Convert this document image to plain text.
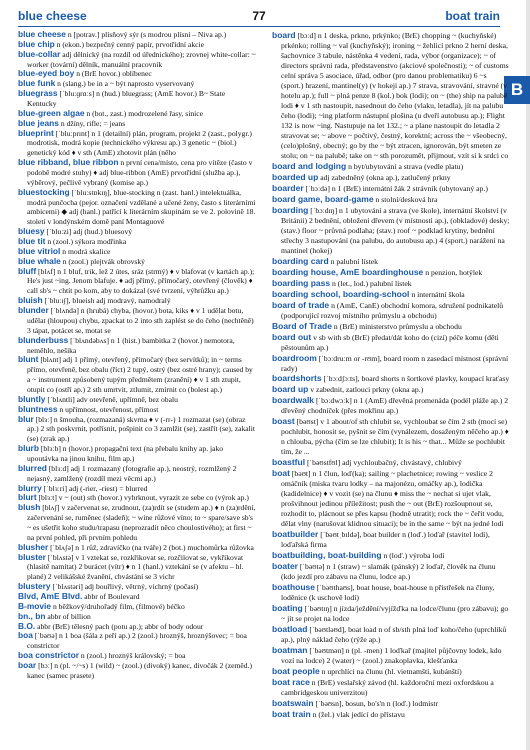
blue cheese	77	boat train
B

blue cheese n [potrav.] plísňový sýr (s modrou plísní – Niva ap.)

blue chip n (ekon.) bezpečný cenný papír, prvotřídní akcie

blue-collar adj dělnický (na rozdíl od úřednického); zrovnej white-collar: ~ worker (tovární) dělník, manuální pracovník

blue-eyed boy n (BrE hovor.) oblíbenec

blue funk n (slang.) be in a ~ být naprosto vyservovaný

bluegrass [ˈbluːɡrɑːs] n (hud.) bluegrass; (AmE hovor.) B~ State Kentucky

blue-green algae n (bot., zast.) modrozelené řasy, sinice

blue jeans n džíny, rifle; = jeans

blueprint [ˈbluːprɪnt] n 1 (detailní) plán, program, projekt 2 (zast., polygr.) modrotisk, modrá kopie (technického výkresu ap.) 3 genetic ~ (biol.) genetický kód ♦ v sth (AmE) zhotovit plán (něho

blue ribband, blue ribbon n první cena/místo, cena pro vítěze (často v podobě modré stuhy) ♦ adj blue-ribbon (AmE) prvotřídní (služba ap.), výběrový, pečlivě vybraný (komise ap.)

bluestocking [ˈbluːstɒkɪŋ], blue-stocking n (zast. hanl.) intelektuálka, modrá punčocha (pejor. označení vzdělané a učené ženy, často s literárními ambicemi) ◆ adj (hanl.) patřící k literárním skupinám se ve 2. polovině 18. století v londýnském domě paní Montaguové

bluesy [ˈbluːzi] adj (hud.) bluesový

blue tit n (zool.) sýkora modřinka

blue vitriol n modrá skalice

blue whale n (zool.) plejtvák obrovský

bluff [blʌf] n 1 bluf, trik, lež 2 útes, sráz (strmý) ♦ v blafovat (v kartách ap.); He's just ~ing. Jenom blafuje. ♦ adj přímý, přímočarý, otevřený (člověk) ♦ call sb's ~ chtít po kom, aby to dokázal (své tvrzení, výhrůžku ap.)

bluish [ˈbluːɪʃ], blueish adj modravý, namodralý

blunder [ˈblʌndə] n (hrubá) chyba, (hovor.) bota, kiks ♦ v 1 udělat botu, udělat (hloupou) chybu, zpackat to 2 into sth zaplést se do čeho (nechtěně) 3 tápat, potácet se, motat se

blunderbuss [ˈblʌndəbʌs] n 1 (hist.) bambitka 2 (hovor.) nemotora, neměhlo, nešika

blunt [blʌnt] adj 1 přímý, otevřený, přímočarý (bez servítků); in ~ terms přímo, otevřeně, bez obalu (říct) 2 tupý, ostrý (bez ostré hrany); caused by a ~ instrument způsobený tupým předmětem (zranění) ♦ v 1 sth ztupit, otupit co (ostří ap.) 2 sth umrtvit, ztlumit, zmírnit co (bolest ap.)

bluntly [ˈblʌntli] adv otevřeně, upřímně, bez obalu

bluntness n upřímnost, otevřenost, přímost

blur [blɜː] n šmouha, (rozmazaná) skvrna ♦ v (-rr-) 1 rozmazat (se) (obraz ap.) 2 sth poskvrnit, potřísnit, pošpinit co 3 zamlžit (se), zastřít (se), zakalit (se) (zrak ap.)

blurb [blɜːb] n (hovor.) propagační text (na přebalu knihy ap. jako upoutávka na jinou knihu, film ap.)

blurred [blɜːd] adj 1 rozmazaný (fotografie ap.), neostrý, rozmlžený 2 nejasný, zamlžený (rozdíl mezi věcmi ap.)

blurry [ˈblɜːri] adj (-rier, -riest) = blurred

blurt [blɜːt] v ~ (out) sth (hovor.) vyhrknout, vyrazit ze sebe co (výrok ap.)

blush [blʌʃ] v začervenat se, zrudnout, (za)rdít se (studem ap.) ♦ n (za)rdění, začervenání se, ruměnec (sladeň); ~ wine růžové víno; to ~ spare/save sb's ~ es ušetřit koho studu/trapasu (neprozradit něco choulostivého); at first ~ na první pohled, při prvním pohledu

blusher [ˈblʌʃə] n 1 růž, zdravíčko (na tváře) 2 (bot.) muchomůrka růžovka

bluster [ˈblʌstə] v 1 vztekat se, rozkřikovat se, rozčilovat se, vykřikovat (hlasitě namítat) 2 burácet (vítr) ♦ n 1 (hanl.) vztekání se (v afektu – hl. plané) 2 velikášské žvanění, chvástání se 3 vichr

blustery [ˈblʌstəri] adj bouřlivý, větrný, vichrný (počasí)

Blvd, AmE Blvd. abbr of Boulevard

B-movie n běžkový/druhořadý film, (filmové) béčko

bn., bn abbr of billion

B.O. abbr (BrE) tělesný pach (potu ap.); abbr of body odour

boa [ˈbəʊə] n 1 boa (šála z peří ap.) 2 (zool.) hroznýš, hroznýšovec; = boa constrictor

boa constrictor n (zool.) hroznýš královský; = boa

boar [bɔː] n (pl. ~/~s) 1 (wild) ~ (zool.) (divoký) kanec, divočák 2 (zeměd.) kanec (samec prasete)

board [bɔːd] n 1 deska, prkno, prkýnko; (BrE) chopping ~ (kuchyňské) prkénko; rolling ~ val (kuchyňský); ironing ~ žehlicí prkno 2 herní deska, šachovnice 3 tabule, nástěnka 4 vedení, rada, výbor (organizace); ~ of directors správní rada, představenstvo (akciové společnosti); ~ of customs celní správa 5 asociace, úřad, odbor (pro danou problematiku) 6 ~s (sport.) hrazení, mantinel(y) (v hokeji ap.) 7 strava, stravování, stravné (v hotelu ap.); full ~ plná penze 8 (kol.) bok (lodi); on ~ (the) ship na palubě lodi ♦ v 1 sth nastoupit, nasednout do čeho (vlaku, letadla), jít na palubu čeho (lodi); ~ing platform nástupní plošina (u dveří autobusu ap.); Flight 132 is now ~ing. Nastupuje na let 132.; ~ a plane nastoupit do letadla 2 stravovat se; ~ above ~ počtivý, čestný, korektní; across the ~ všeobecný, (celo)plošný, obecný; go by the ~ být ztracen, ignorován, být smeten ze stolu; on ~ na palubě; take on ~ sth porozumět, přijmout, vzít si k srdci co

board and lodging n byt/ubytování a strava (vedle platu)

boarded up adj zabedněný (okna ap.), zatlučený prkny

boarder [ˈbɔːdə] n 1 (BrE) internátní žák 2 strávník (ubytovaný ap.)

board game, board-game n stolní/desková hra

boarding [ˈbɔːdɪŋ] n 1 ubytování a strava (ve škole), internátní školství (v Británii) 2 bednění, obložení dřevem (v místnosti ap.), (obkladové) desky; (stav.) floor ~ průvná podlaha; (stav.) roof ~ podklad krytiny, bednění střechy 3 nastupování (na palubu, do autobusu ap.) 4 (sport.) narážení na mantinel (hokej)

boarding card n palubní lístek

boarding house, AmE boardinghouse n penzion, hotýlek

boarding pass n (let., lod.) palubní lístek

boarding school, boarding-school n internátní škola

board of trade n (AmE, CanE) obchodní komora, sdružení podnikatelů (podporující rozvoj místního průmyslu a obchodu)

Board of Trade n (BrE) ministerstvo průmyslu a obchodu

board out v sb with sb (BrE) předat/dát koho do (cizí) péče komu (děti pěstounům ap.)

boardroom [ˈbɔːdruːm or -rʊm], board room n zasedací místnost (správní rady)

boardshorts [ˈbɔːdʃɔːts], board shorts n šortkové plavky, koupací kraťasy

board up v zabednit, zatlouci prkny (okna ap.)

boardwalk [ˈbɔːdwɔːk] n 1 (AmE) dřevěná promenáda (podél pláže ap.) 2 dřevěný chodníček (přes mokřinu ap.)

boast [bəʊst] v 1 about/of sth chlubit se, vychloubat se čím 2 sth (mocí se) pochlubit, honosit se, pyšnit se čím (vynálezem, dosaženým něčeho ap.) ♦ n chlouba, pýcha (čím se lze chlubit); It is his ~ that... Může se pochlubit tím, že ...

boastful [ˈbəʊstfʊl] adj vychloubačný, chvástavý, chlubivý

boat [bəʊt] n 1 člun, loď(ka); sailing ~ plachetnice; rowing ~ veslice 2 omáčník (miska tvaru lodky – na majonézu, omáčky ap.), lodička (kadidelnice) ♦ v vozit (se) na člunu ♦ miss the ~ nechat si ujet vlak, prošvihnout jedinou příležitost; push the ~ out (BrE) rozšoupnout se, rozhodit to, plácnout se přes kapsu (hodně utratit); rock the ~ čeřit vodu, dělat vlny (narušovat klidnou situaci); be in the same ~ být na jedné lodi

boatbuilder [ˈbəʊtˌbɪldə], boat builder n (loď.) loďař (stavitel lodí), loďařská firma

boatbuilding, boat-building n (loď.) výroba lodí

boater [ˈbəʊtə] n 1 (straw) ~ slamák (pánský) 2 loďař, člověk na člunu (kdo jezdí pro zábavu na člunu, lodce ap.)

boathouse [ˈbəʊthaʊs], boat house, boat-house n přístřešek na čluny, loděnice (k uschově lodí)

boating [ˈbəʊtɪŋ] n jízda/ježdění/vyjížďka na lodce/člunu (pro zábavu); go ~ jít se projet na lodce

boatload [ˈbəʊtləʊd], boat load n of sb/sth plná loď koho/čeho (uprchlíků ap.), plný náklad čeho (rýže ap.)

boatman [ˈbəʊtmən] n (pl. -men) 1 loďkař (majitel půjčovny lodek, kdo vozí na lodce) 2 (water) ~ (zool.) znakoplavka, klešťanka

boat people n uprchlíci na člunu (hl. vietnamští, kubánští)

boat race n (BrE) veslařský závod (hl. každoroční mezi oxfordskou a cambridgeskou univerzitou)

boatswain [ˈbəʊsn], bosun, bo's'n n (loď.) lodmistr

boat train n (žel.) vlak jedící do přístavu
